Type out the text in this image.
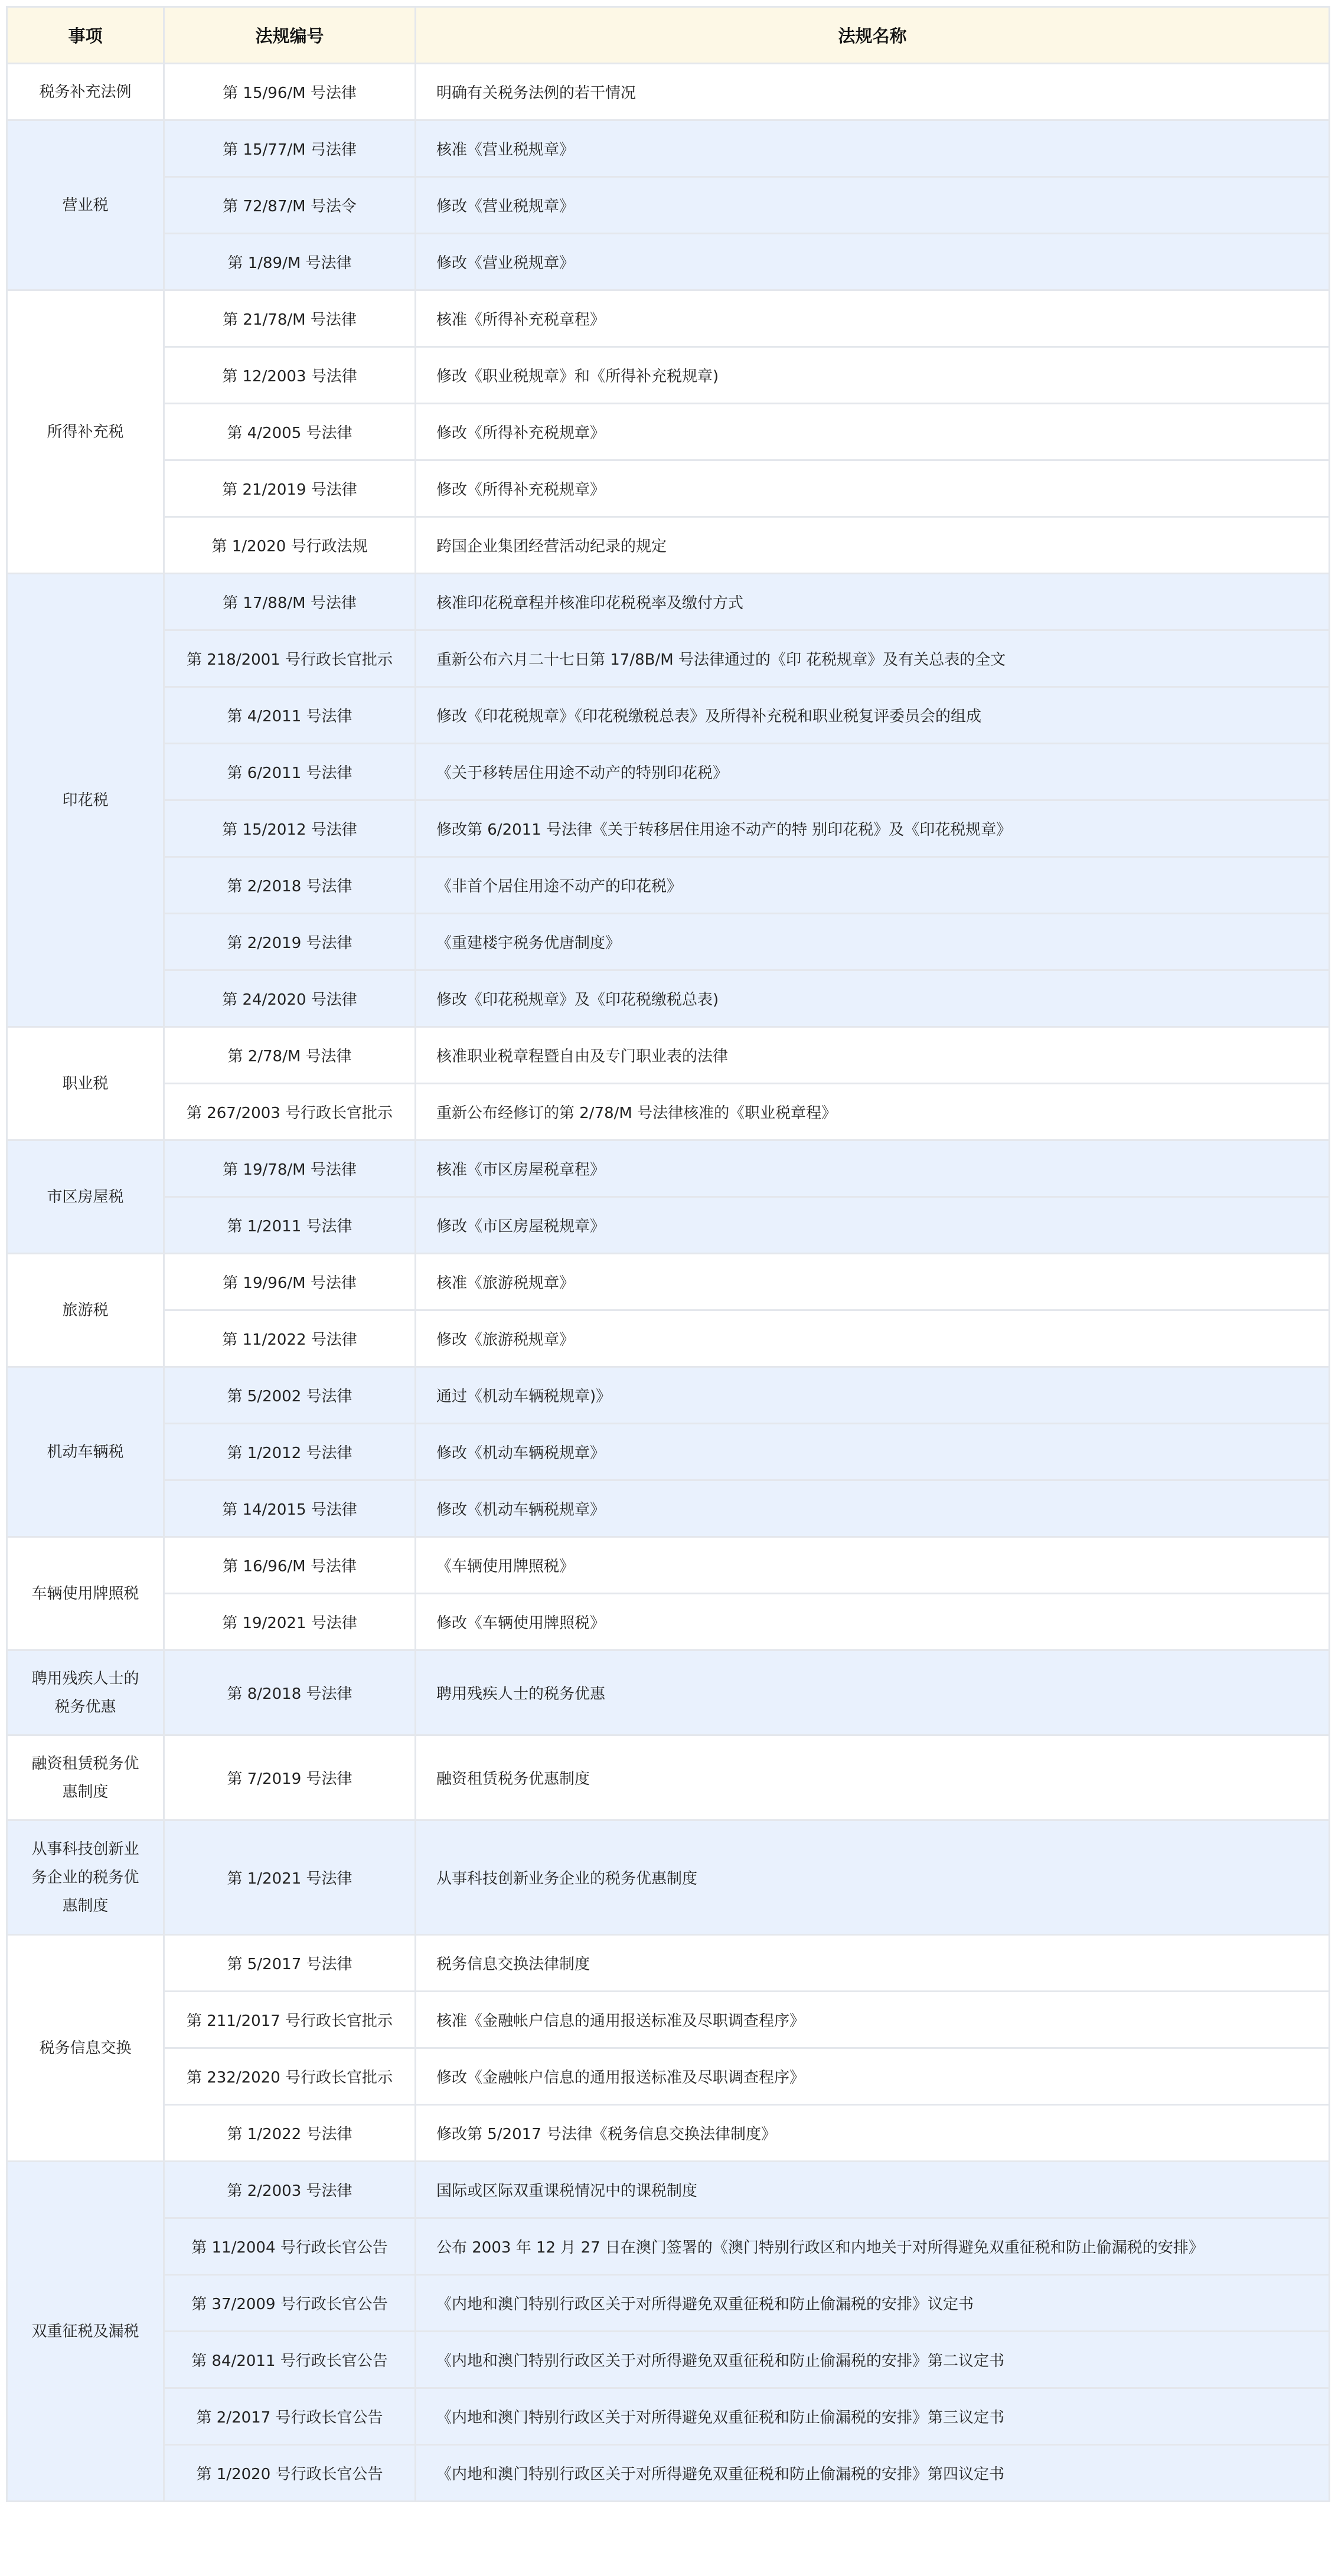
事项	法规编号	法规名称
税务补充法例	第 15/96/M 号法律	明确有关税务法例的若干情况
营业税	第 15/77/M 弓法律	核准《营业税规章》
	第 72/87/M 号法令	修改《营业税规章》
	第 1/89/M 号法律	修改《营业税规章》
所得补充税	第 21/78/M 号法律	核准《所得补充税章程》
	第 12/2003 号法律	修改《职业税规章》和《所得补充税规章)
	第 4/2005 号法律	修改《所得补充税规章》
	第 21/2019 号法律	修改《所得补充税规章》
	第 1/2020 号行政法规	跨国企业集团经营活动纪录的规定
印花税	第 17/88/M 号法律	核准印花税章程并核准印花税税率及缴付方式
	第 218/2001 号行政长官批示	重新公布六月二十七日第 17/8B/M 号法律通过的《印 花税规章》及有关总表的全文
	第 4/2011 号法律	修改《印花税规章》《印花税缴税总表》及所得补充税和职业税复评委员会的组成
	第 6/2011 号法律	《关于移转居住用途不动产的特别印花税》
	第 15/2012 号法律	修改第 6/2011 号法律《关于转移居住用途不动产的特 别印花税》及《印花税规章》
	第 2/2018 号法律	《非首个居住用途不动产的印花税》
	第 2/2019 号法律	《重建楼宇税务优唐制度》
	第 24/2020 号法律	修改《印花税规章》及《印花税缴税总表)
职业税	第 2/78/M 号法律	核准职业税章程暨自由及专门职业表的法律
	第 267/2003 号行政长官批示	重新公布经修订的第 2/78/M 号法律核准的《职业税章程》
市区房屋税	第 19/78/M 号法律	核准《市区房屋税章程》
	第 1/2011 号法律	修改《市区房屋税规章》
旅游税	第 19/96/M 号法律	核准《旅游税规章》
	第 11/2022 号法律	修改《旅游税规章》
机动车辆税	第 5/2002 号法律	通过《机动车辆税规章)》
	第 1/2012 号法律	修改《机动车辆税规章》
	第 14/2015 号法律	修改《机动车辆税规章》
车辆使用牌照税	第 16/96/M 号法律	《车辆使用牌照税》
	第 19/2021 号法律	修改《车辆使用牌照税》
聘用残疾人士的
税务优惠	第 8/2018 号法律	聘用残疾人士的税务优惠
融资租赁税务优
惠制度	第 7/2019 号法律	融资租赁税务优惠制度
从事科技创新业
务企业的税务优
惠制度	第 1/2021 号法律	从事科技创新业务企业的税务优惠制度
税务信息交换	第 5/2017 号法律	税务信息交换法律制度
	第 211/2017 号行政长官批示	核准《金融帐户信息的通用报送标准及尽职调查程序》
	第 232/2020 号行政长官批示	修改《金融帐户信息的通用报送标准及尽职调查程序》
	第 1/2022 号法律	修改第 5/2017 号法律《税务信息交换法律制度》
双重征税及漏税	第 2/2003 号法律	国际或区际双重课税情况中的课税制度
	第 11/2004 号行政长官公告	公布 2003 年 12 月 27 日在澳门签署的《澳门特别行政区和内地关于对所得避免双重征税和防止偷漏税的安排》
	第 37/2009 号行政长官公告	《内地和澳门特别行政区关于对所得避免双重征税和防止偷漏税的安排》议定书
	第 84/2011 号行政长官公告	《内地和澳门特别行政区关于对所得避免双重征税和防止偷漏税的安排》第二议定书
	第 2/2017 号行政长官公告	《内地和澳门特别行政区关于对所得避免双重征税和防止偷漏税的安排》第三议定书
	第 1/2020 号行政长官公告	《内地和澳门特别行政区关于对所得避免双重征税和防止偷漏税的安排》第四议定书
